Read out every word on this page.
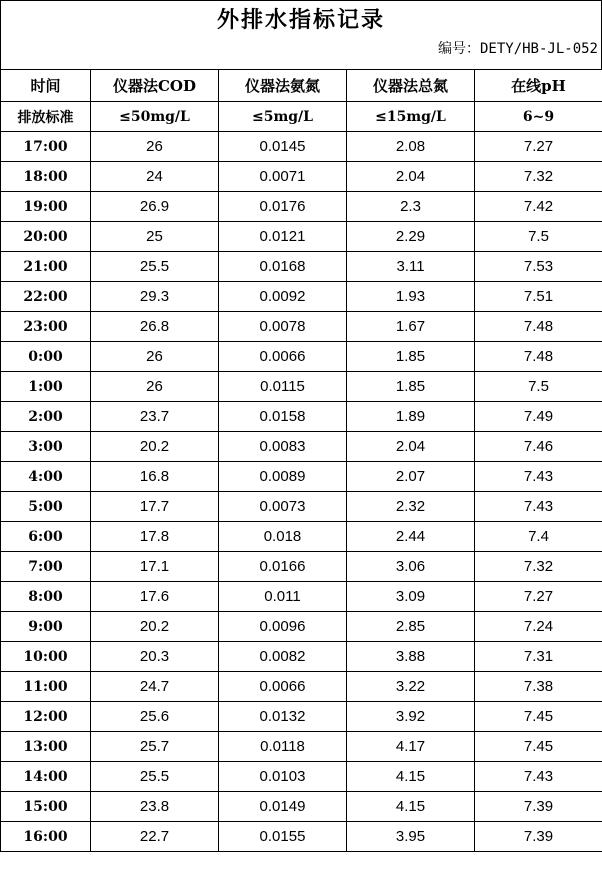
外排水指标记录
编号：DETY/HB-JL-052
时间	仪器法COD	仪器法氨氮	仪器法总氮	在线pH
排放标准	≤50mg/L	≤5mg/L	≤15mg/L	6~9
17:00	26	0.0145	2.08	7.27
18:00	24	0.0071	2.04	7.32
19:00	26.9	0.0176	2.3	7.42
20:00	25	0.0121	2.29	7.5
21:00	25.5	0.0168	3.11	7.53
22:00	29.3	0.0092	1.93	7.51
23:00	26.8	0.0078	1.67	7.48
0:00	26	0.0066	1.85	7.48
1:00	26	0.0115	1.85	7.5
2:00	23.7	0.0158	1.89	7.49
3:00	20.2	0.0083	2.04	7.46
4:00	16.8	0.0089	2.07	7.43
5:00	17.7	0.0073	2.32	7.43
6:00	17.8	0.018	2.44	7.4
7:00	17.1	0.0166	3.06	7.32
8:00	17.6	0.011	3.09	7.27
9:00	20.2	0.0096	2.85	7.24
10:00	20.3	0.0082	3.88	7.31
11:00	24.7	0.0066	3.22	7.38
12:00	25.6	0.0132	3.92	7.45
13:00	25.7	0.0118	4.17	7.45
14:00	25.5	0.0103	4.15	7.43
15:00	23.8	0.0149	4.15	7.39
16:00	22.7	0.0155	3.95	7.39
